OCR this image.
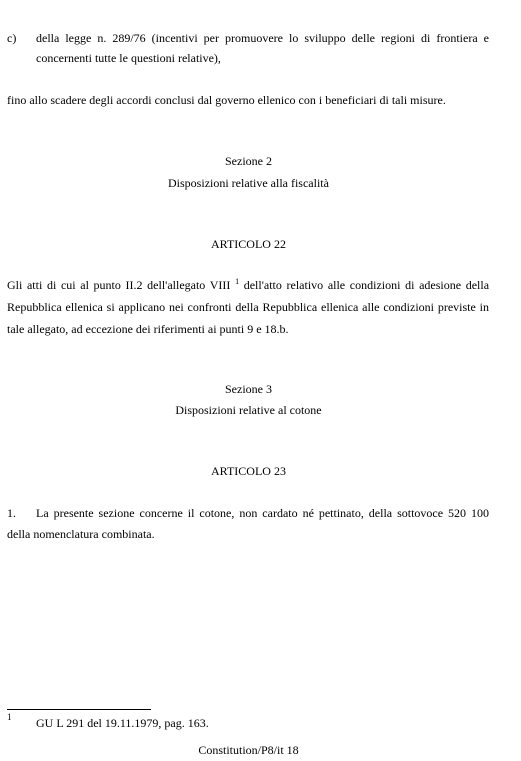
c) della legge n. 289/76 (incentivi per promuovere lo sviluppo delle regioni di frontiera e
concernenti tutte le questioni relative),
fino allo scadere degli accordi conclusi dal governo ellenico con i beneficiari di tali misure.
Sezione 2
Disposizioni relative alla fiscalità
ARTICOLO 22
Gli atti di cui al punto II.2 dell'allegato VIII $^1$ dell'atto relativo alle condizioni di adesione della
Repubblica ellenica si applicano nei confronti della Repubblica ellenica alle condizioni previste in
tale allegato, ad eccezione dei riferimenti ai punti 9 e 18.b.
Sezione 3
Disposizioni relative al cotone
ARTICOLO 23
1. La presente sezione concerne il cotone, non cardato né pettinato, della sottovoce 520 100
della nomenclatura combinata.
1 GU L 291 del 19.11.1979, pag. 163.
Constitution/P8/it 18
